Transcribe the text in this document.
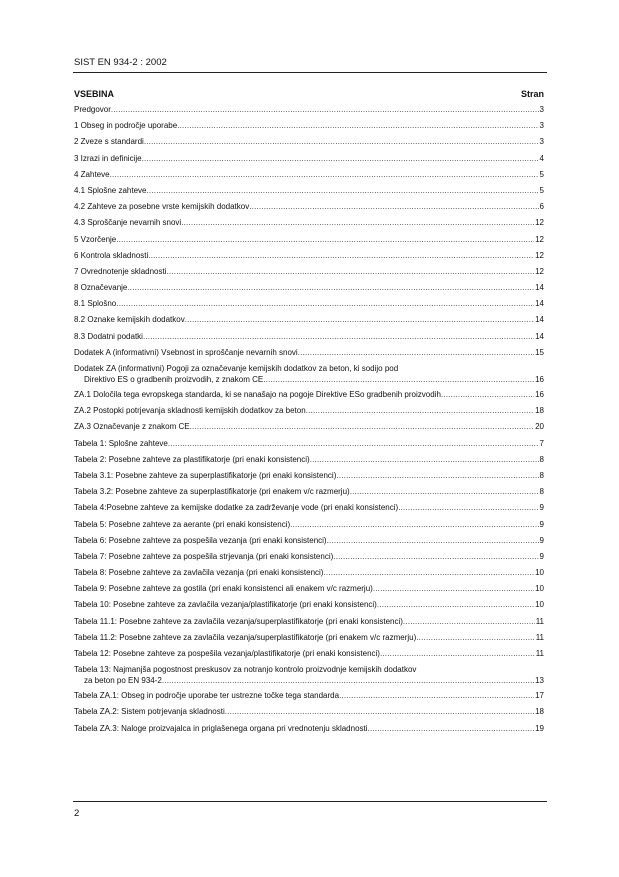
SIST EN 934-2 : 2002
VSEBINA	Stran
Predgovor .....	3
1 Obseg in področje uporabe .....	3
2 Zveze s standardi .....	3
3 Izrazi in definicije .....	4
4 Zahteve .....	5
4.1 Splošne zahteve .....	5
4.2 Zahteve za posebne vrste kemijskih dodatkov .....	6
4.3 Sproščanje nevarnih snovi .....	12
5 Vzorčenje .....	12
6 Kontrola skladnosti .....	12
7 Ovrednotenje skladnosti .....	12
8 Označevanje .....	14
8.1 Splošno .....	14
8.2 Oznake kemijskih dodatkov .....	14
8.3 Dodatni podatki .....	14
Dodatek A (informativni) Vsebnost in sproščanje nevarnih snovi .....	15
Dodatek ZA (informativni) Pogoji za označevanje kemijskih dodatkov za beton, ki sodijo pod
Direktivo ES o gradbenih proizvodih, z znakom CE .....	16
ZA.1 Določila tega evropskega standarda, ki se nanašajo na pogoje Direktive ESo gradbenih proizvodih .....	16
ZA.2 Postopki potrjevanja skladnosti kemijskih dodatkov za beton .....	18
ZA.3 Označevanje z znakom CE .....	20
Tabela 1: Splošne zahteve .....	7
Tabela 2: Posebne zahteve za plastifikatorje (pri enaki konsistenci) .....	8
Tabela 3.1: Posebne zahteve za superplastifikatorje (pri enaki konsistenci) .....	8
Tabela 3.2: Posebne zahteve za superplastifikatorje (pri enakem v/c razmerju) .....	8
Tabela 4:Posebne zahteve za kemijske dodatke za zadrževanje vode (pri enaki konsistenci) .....	9
Tabela 5: Posebne zahteve za aerante (pri enaki konsistenci) .....	9
Tabela 6: Posebne zahteve za pospešila vezanja (pri enaki konsistenci) .....	9
Tabela 7: Posebne zahteve za pospešila strjevanja (pri enaki konsistenci) .....	9
Tabela 8: Posebne zahteve za zavlačila vezanja (pri enaki konsistenci) .....	10
Tabela 9: Posebne zahteve za gostila (pri enaki konsistenci ali enakem v/c razmerju) .....	10
Tabela 10: Posebne zahteve za zavlačila vezanja/plastifikatorje (pri enaki konsistenci) .....	10
Tabela 11.1: Posebne zahteve za zavlačila vezanja/superplastifikatorje (pri enaki konsistenci) .....	11
Tabela 11.2: Posebne zahteve za zavlačila vezanja/superplastifikatorje (pri enakem v/c razmerju) .....	11
Tabela 12: Posebne zahteve za pospešila vezanja/plastifikatorje (pri enaki konsistenci) .....	11
Tabela 13: Najmanjša pogostnost preskusov za notranjo kontrolo proizvodnje kemijskih dodatkov
za beton po EN 934-2 .....	13
Tabela ZA.1: Obseg in področje uporabe ter ustrezne točke tega standarda .....	17
Tabela ZA.2: Sistem potrjevanja skladnosti .....	18
Tabela ZA.3: Naloge proizvajalca in priglašenega organa pri vrednotenju skladnosti .....	19
2
